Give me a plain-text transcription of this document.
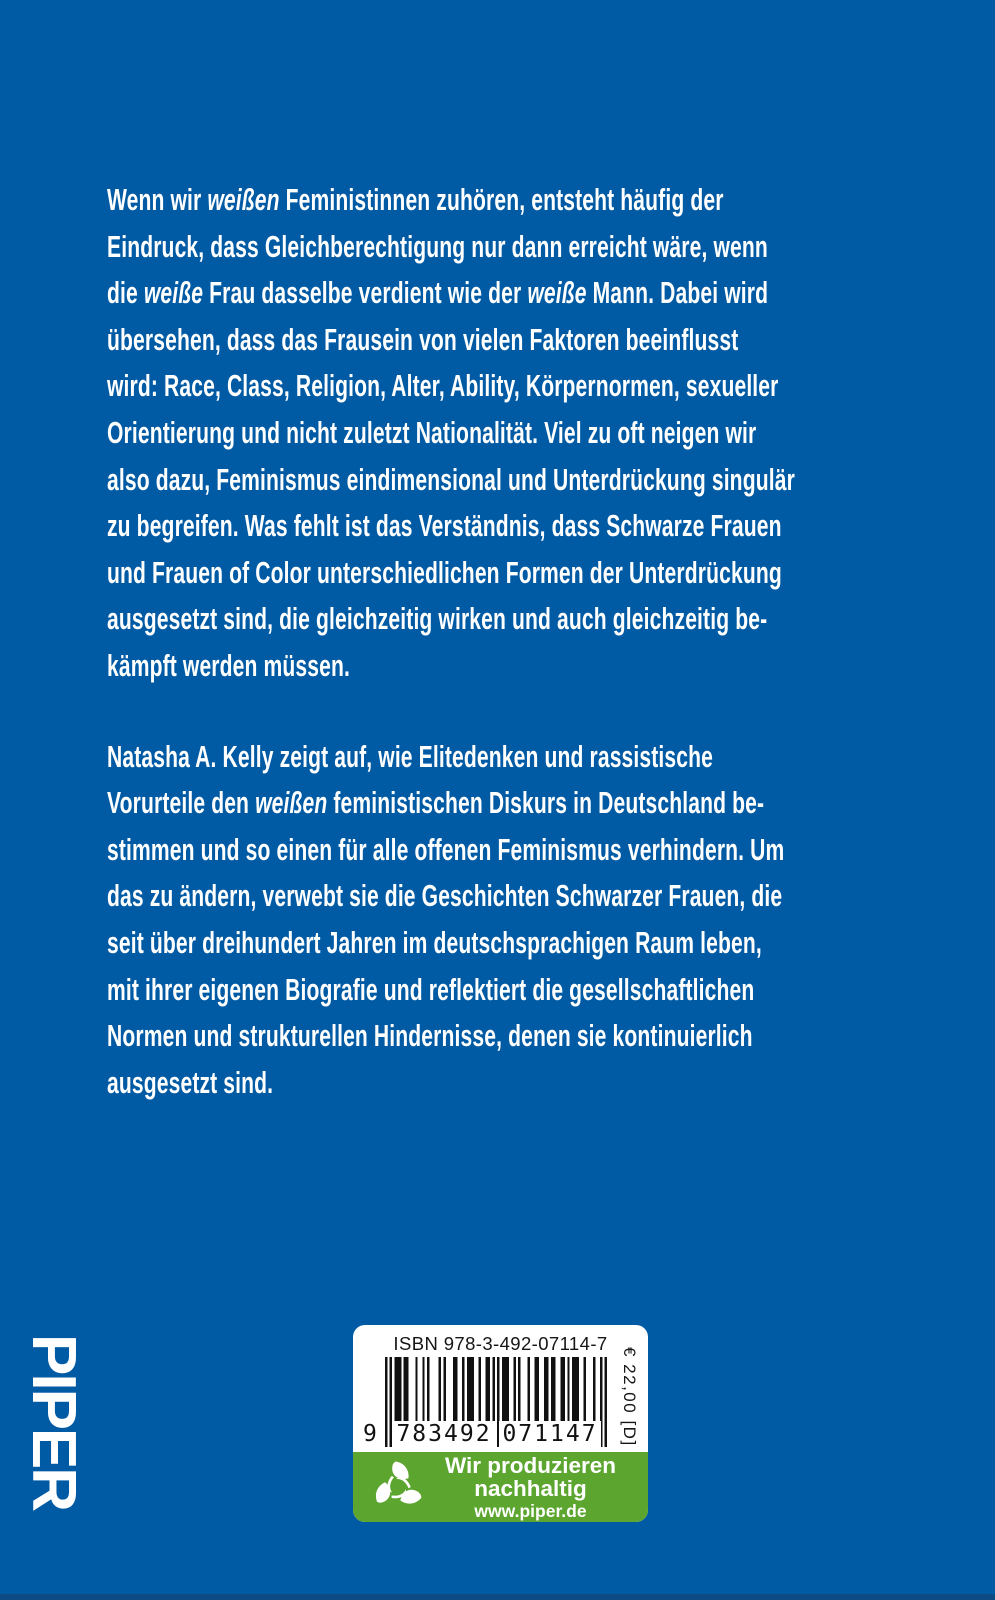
Wenn wir weißen Feministinnen zuhören, entsteht häufig der
Eindruck, dass Gleichberechtigung nur dann erreicht wäre, wenn
die weiße Frau dasselbe verdient wie der weiße Mann. Dabei wird
übersehen, dass das Frausein von vielen Faktoren beeinflusst
wird: Race, Class, Religion, Alter, Ability, Körpernormen, sexueller
Orientierung und nicht zuletzt Nationalität. Viel zu oft neigen wir
also dazu, Feminismus eindimensional und Unterdrückung singulär
zu begreifen. Was fehlt ist das Verständnis, dass Schwarze Frauen
und Frauen of Color unterschiedlichen Formen der Unterdrückung
ausgesetzt sind, die gleichzeitig wirken und auch gleichzeitig be-
kämpft werden müssen.
Natasha A. Kelly zeigt auf, wie Elitedenken und rassistische
Vorurteile den weißen feministischen Diskurs in Deutschland be-
stimmen und so einen für alle offenen Feminismus verhindern. Um
das zu ändern, verwebt sie die Geschichten Schwarzer Frauen, die
seit über dreihundert Jahren im deutschsprachigen Raum leben,
mit ihrer eigenen Biografie und reflektiert die gesellschaftlichen
Normen und strukturellen Hindernisse, denen sie kontinuierlich
ausgesetzt sind.
PIPER	ISBN 978-3-492-07114-7
9 783492 071147 € 22,00 [D]
Wir produzieren
nachhaltig
www.piper.de
